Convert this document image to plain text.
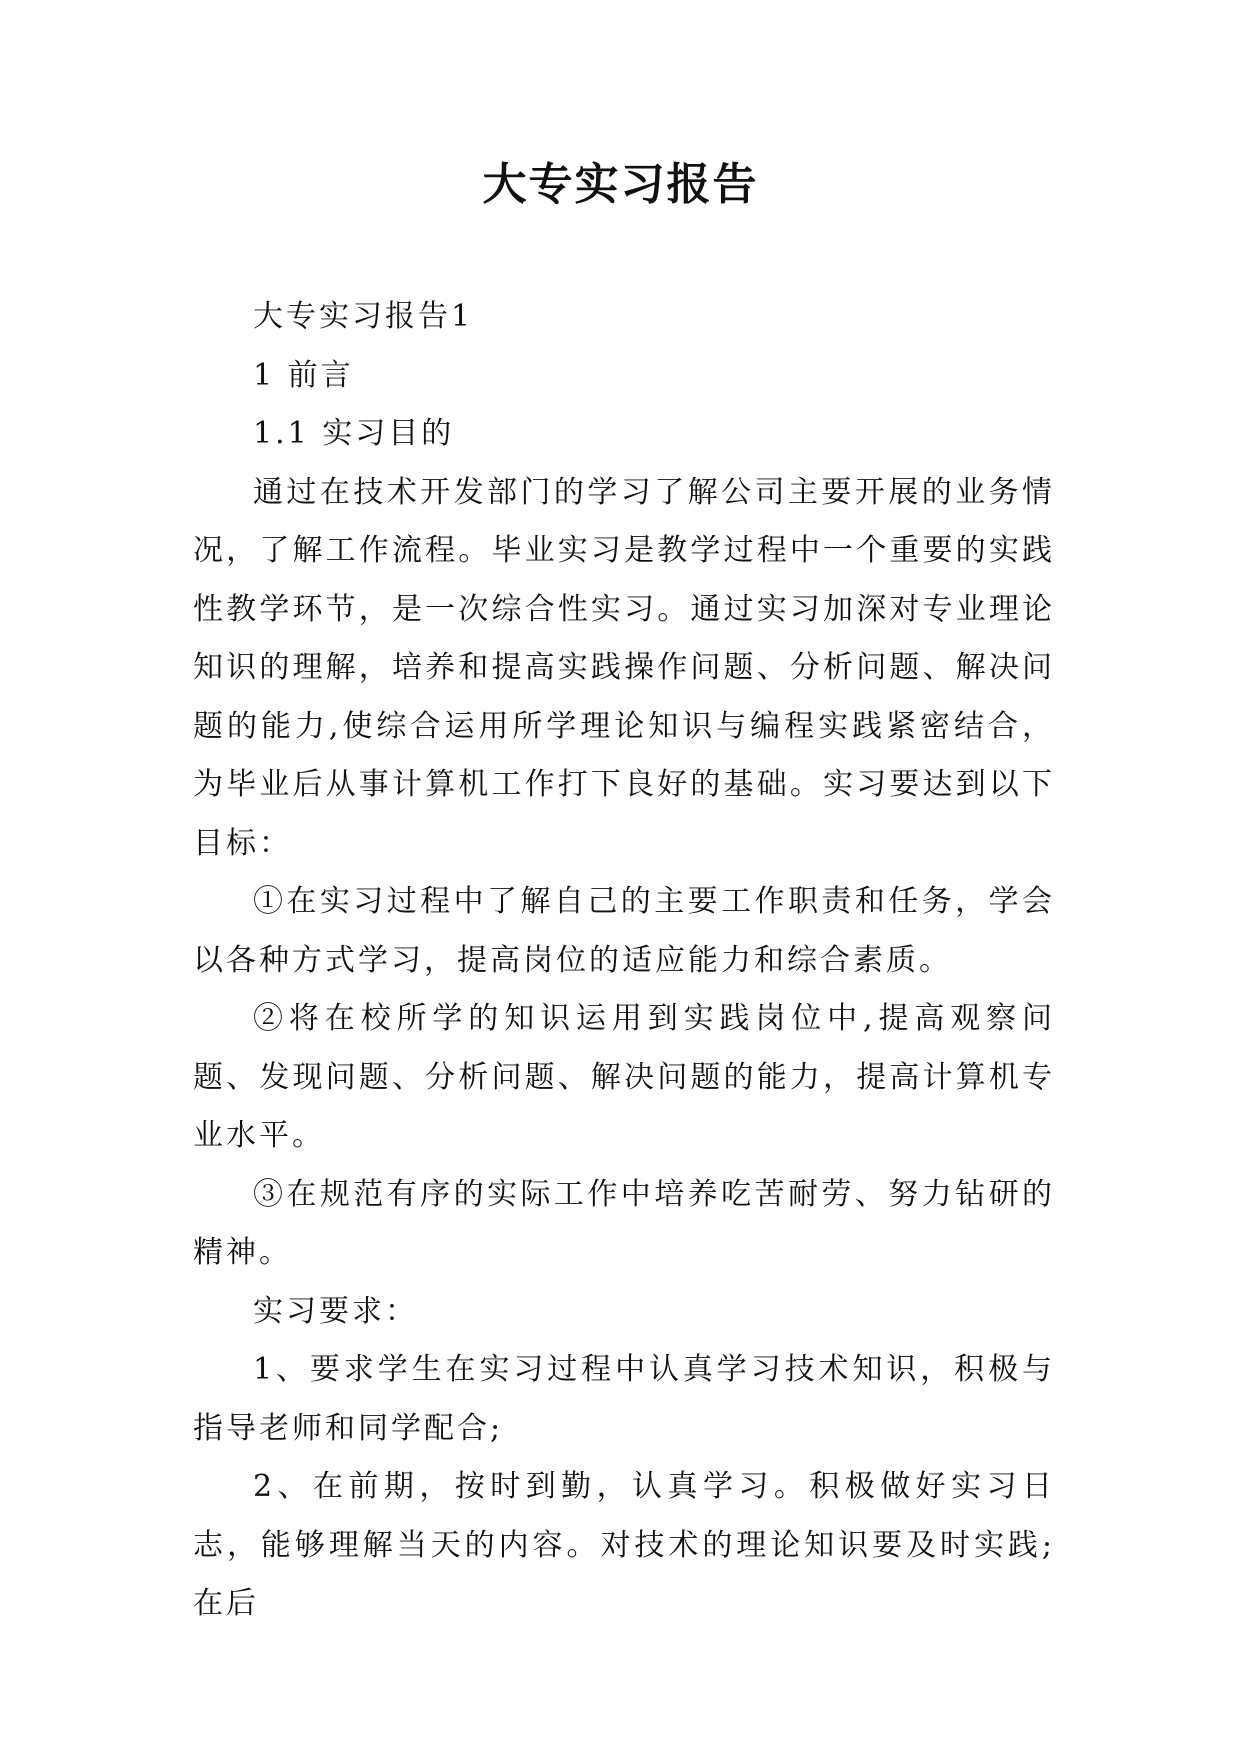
大专实习报告

大专实习报告1

1 前言

1.1 实习目的

通过在技术开发部门的学习了解公司主要开展的业务情况，了解工作流程。毕业实习是教学过程中一个重要的实践性教学环节，是一次综合性实习。通过实习加深对专业理论知识的理解，培养和提高实践操作问题、分析问题、解决问题的能力,使综合运用所学理论知识与编程实践紧密结合，为毕业后从事计算机工作打下良好的基础。实习要达到以下目标：

①在实习过程中了解自己的主要工作职责和任务，学会以各种方式学习，提高岗位的适应能力和综合素质。

②将在校所学的知识运用到实践岗位中,提高观察问题、发现问题、分析问题、解决问题的能力，提高计算机专业水平。

③在规范有序的实际工作中培养吃苦耐劳、努力钻研的精神。

实习要求：

1、要求学生在实习过程中认真学习技术知识，积极与指导老师和同学配合;

2、在前期，按时到勤，认真学习。积极做好实习日志，能够理解当天的内容。对技术的理论知识要及时实践;在后
